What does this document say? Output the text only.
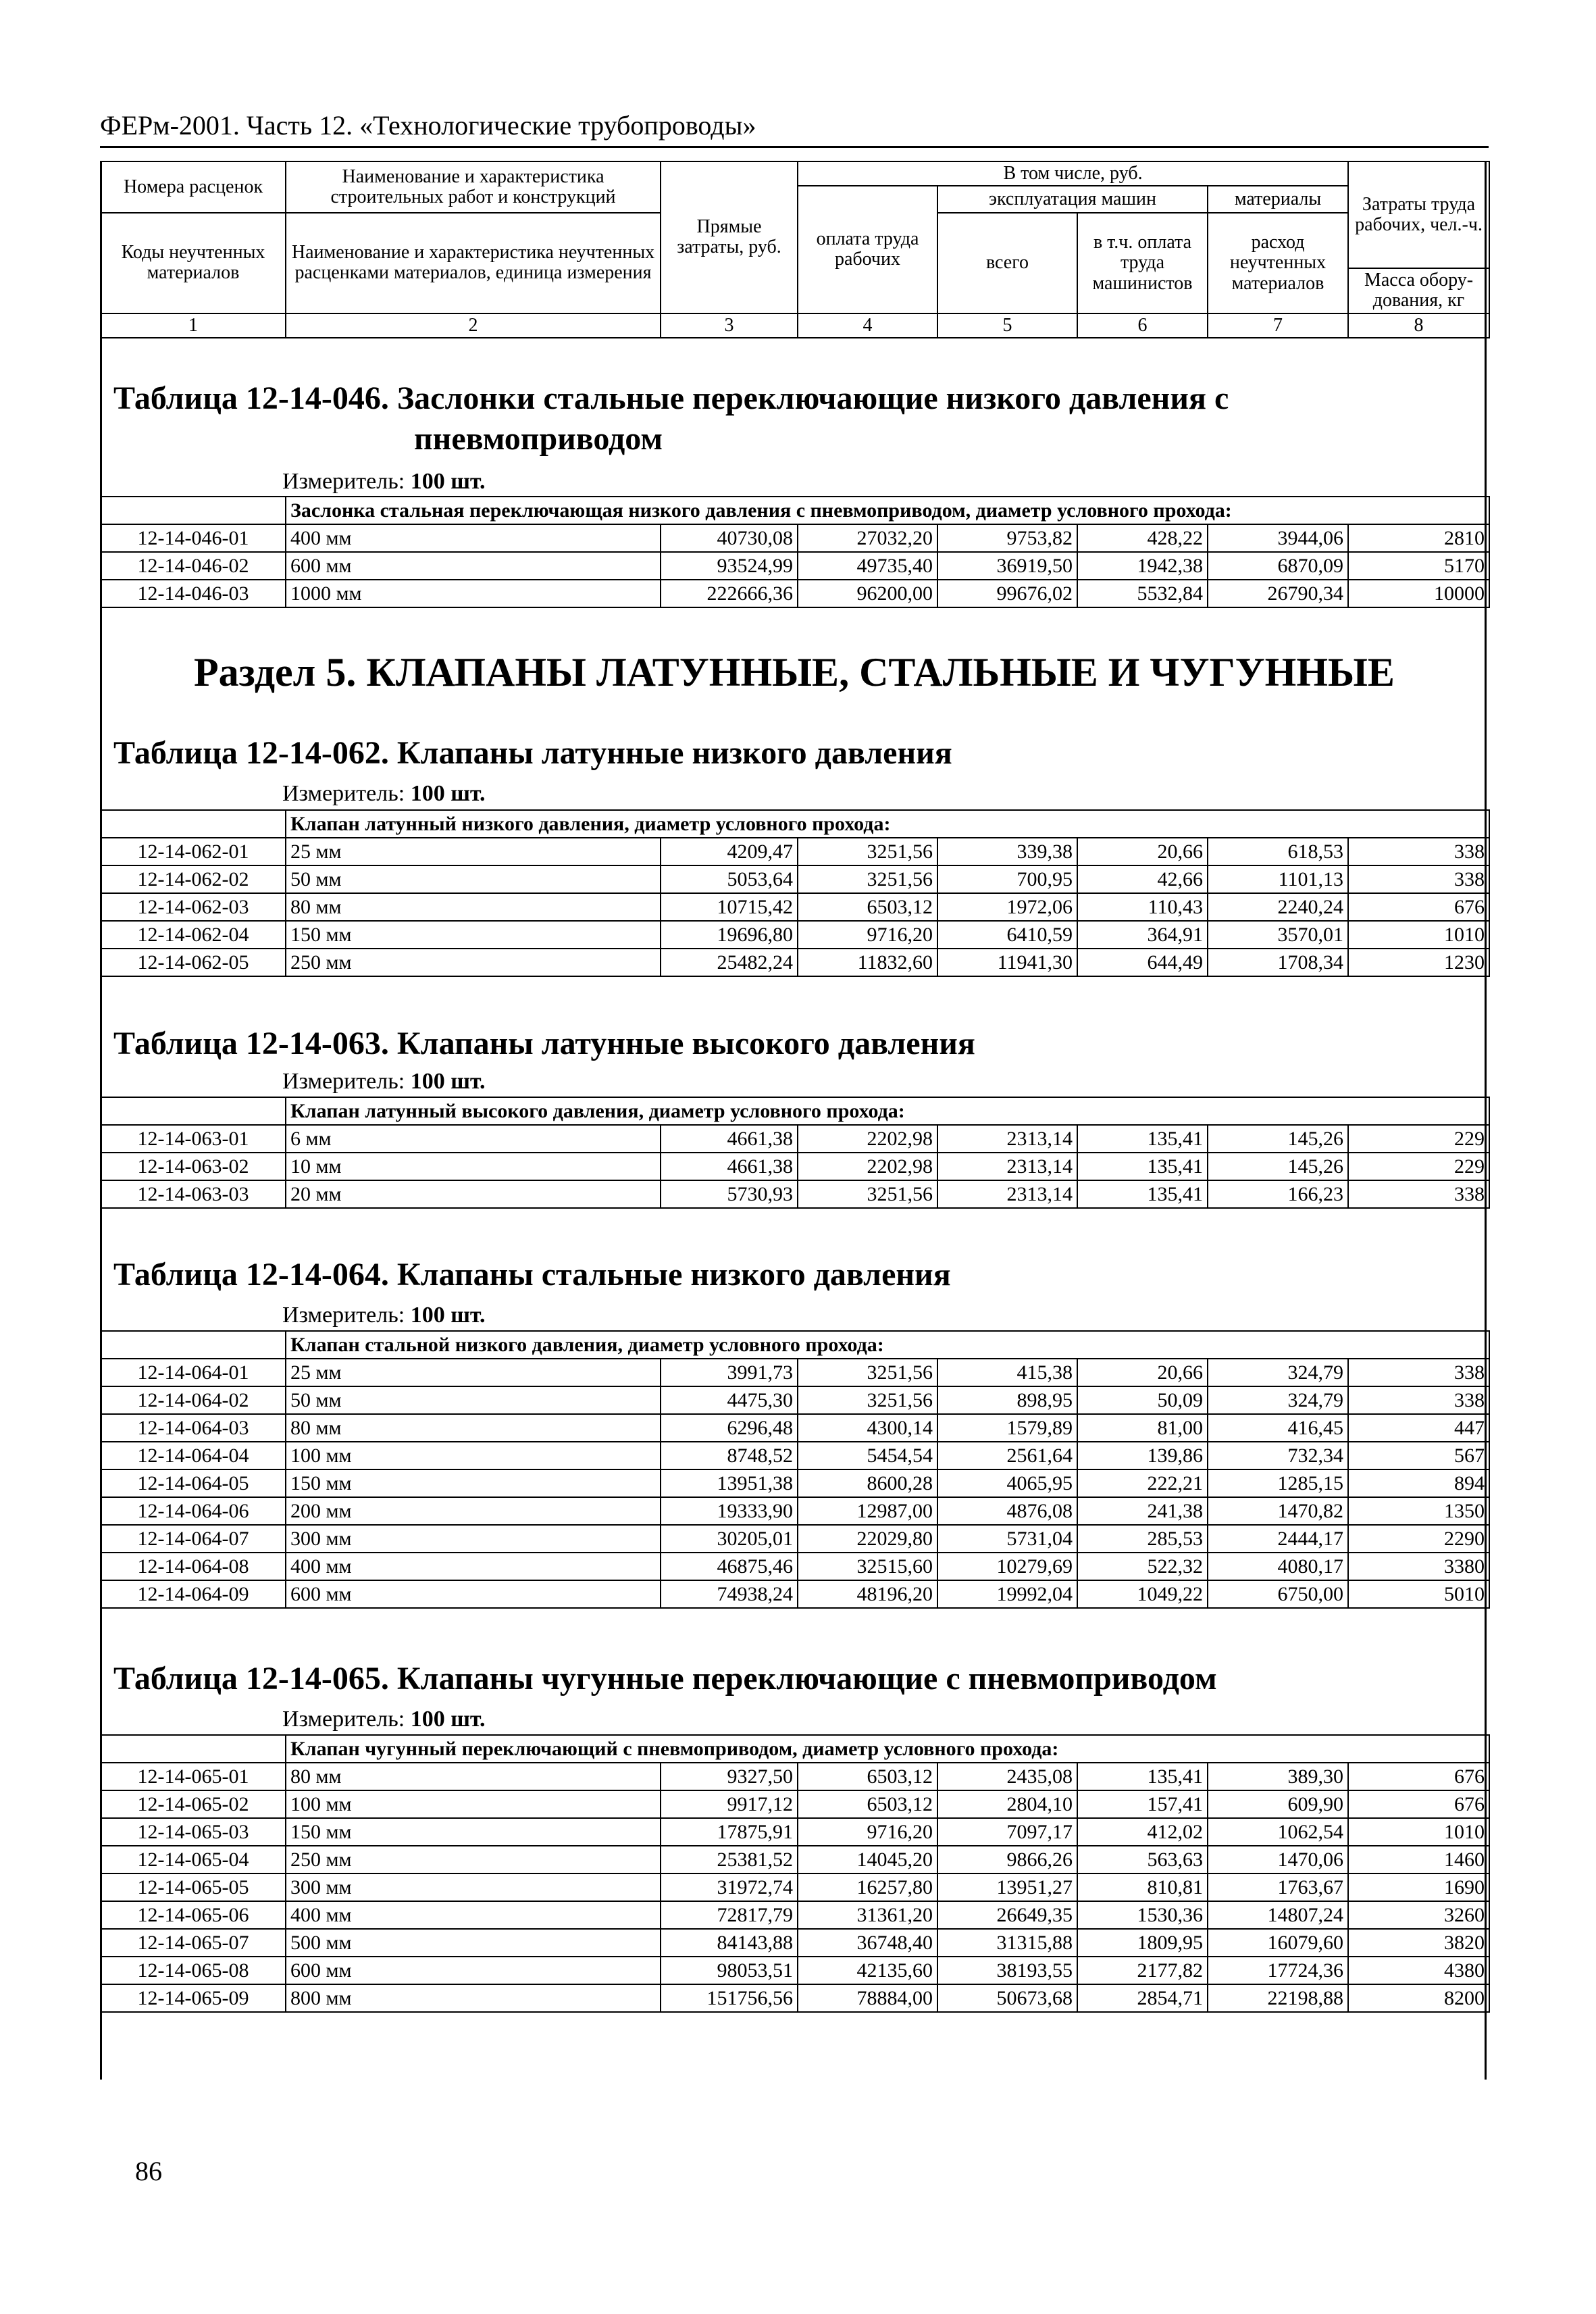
ФЕРм-2001. Часть 12. «Технологические трубопроводы»
Номера расценок	Наименование и характеристика строительных работ и конструкций	Прямые затраты, руб.	В том числе, руб.				Затраты труда рабочих, чел.-ч.
			оплата труда рабочих	эксплуатация машин		материалы	
Коды неучтенных материалов	Наименование и характеристика неучтенных расценками материалов, единица измерения			всего	в т.ч. оплата труда машинистов	расход неучтенных материалов	
							Масса обору-дования, кг
1	2	3	4	5	6	7	8
Таблица 12-14-046. Заслонки стальные переключающие низкого давления с
пневмоприводом
Измеритель: 100 шт.
	Заслонка стальная переключающая низкого давления с пневмоприводом, диаметр условного прохода:						
12-14-046-01	400 мм	40730,08	27032,20	9753,82	428,22	3944,06	2810
12-14-046-02	600 мм	93524,99	49735,40	36919,50	1942,38	6870,09	5170
12-14-046-03	1000 мм	222666,36	96200,00	99676,02	5532,84	26790,34	10000
Раздел 5. КЛАПАНЫ ЛАТУННЫЕ, СТАЛЬНЫЕ И ЧУГУННЫЕ
Таблица 12-14-062. Клапаны латунные низкого давления
Измеритель: 100 шт.
	Клапан латунный низкого давления, диаметр условного прохода:						
12-14-062-01	25 мм	4209,47	3251,56	339,38	20,66	618,53	338
12-14-062-02	50 мм	5053,64	3251,56	700,95	42,66	1101,13	338
12-14-062-03	80 мм	10715,42	6503,12	1972,06	110,43	2240,24	676
12-14-062-04	150 мм	19696,80	9716,20	6410,59	364,91	3570,01	1010
12-14-062-05	250 мм	25482,24	11832,60	11941,30	644,49	1708,34	1230
Таблица 12-14-063. Клапаны латунные высокого давления
Измеритель: 100 шт.
	Клапан латунный высокого давления, диаметр условного прохода:						
12-14-063-01	6 мм	4661,38	2202,98	2313,14	135,41	145,26	229
12-14-063-02	10 мм	4661,38	2202,98	2313,14	135,41	145,26	229
12-14-063-03	20 мм	5730,93	3251,56	2313,14	135,41	166,23	338
Таблица 12-14-064. Клапаны стальные низкого давления
Измеритель: 100 шт.
	Клапан стальной низкого давления, диаметр условного прохода:						
12-14-064-01	25 мм	3991,73	3251,56	415,38	20,66	324,79	338
12-14-064-02	50 мм	4475,30	3251,56	898,95	50,09	324,79	338
12-14-064-03	80 мм	6296,48	4300,14	1579,89	81,00	416,45	447
12-14-064-04	100 мм	8748,52	5454,54	2561,64	139,86	732,34	567
12-14-064-05	150 мм	13951,38	8600,28	4065,95	222,21	1285,15	894
12-14-064-06	200 мм	19333,90	12987,00	4876,08	241,38	1470,82	1350
12-14-064-07	300 мм	30205,01	22029,80	5731,04	285,53	2444,17	2290
12-14-064-08	400 мм	46875,46	32515,60	10279,69	522,32	4080,17	3380
12-14-064-09	600 мм	74938,24	48196,20	19992,04	1049,22	6750,00	5010
Таблица 12-14-065. Клапаны чугунные переключающие с пневмоприводом
Измеритель: 100 шт.
	Клапан чугунный переключающий с пневмоприводом, диаметр условного прохода:						
12-14-065-01	80 мм	9327,50	6503,12	2435,08	135,41	389,30	676
12-14-065-02	100 мм	9917,12	6503,12	2804,10	157,41	609,90	676
12-14-065-03	150 мм	17875,91	9716,20	7097,17	412,02	1062,54	1010
12-14-065-04	250 мм	25381,52	14045,20	9866,26	563,63	1470,06	1460
12-14-065-05	300 мм	31972,74	16257,80	13951,27	810,81	1763,67	1690
12-14-065-06	400 мм	72817,79	31361,20	26649,35	1530,36	14807,24	3260
12-14-065-07	500 мм	84143,88	36748,40	31315,88	1809,95	16079,60	3820
12-14-065-08	600 мм	98053,51	42135,60	38193,55	2177,82	17724,36	4380
12-14-065-09	800 мм	151756,56	78884,00	50673,68	2854,71	22198,88	8200
86
